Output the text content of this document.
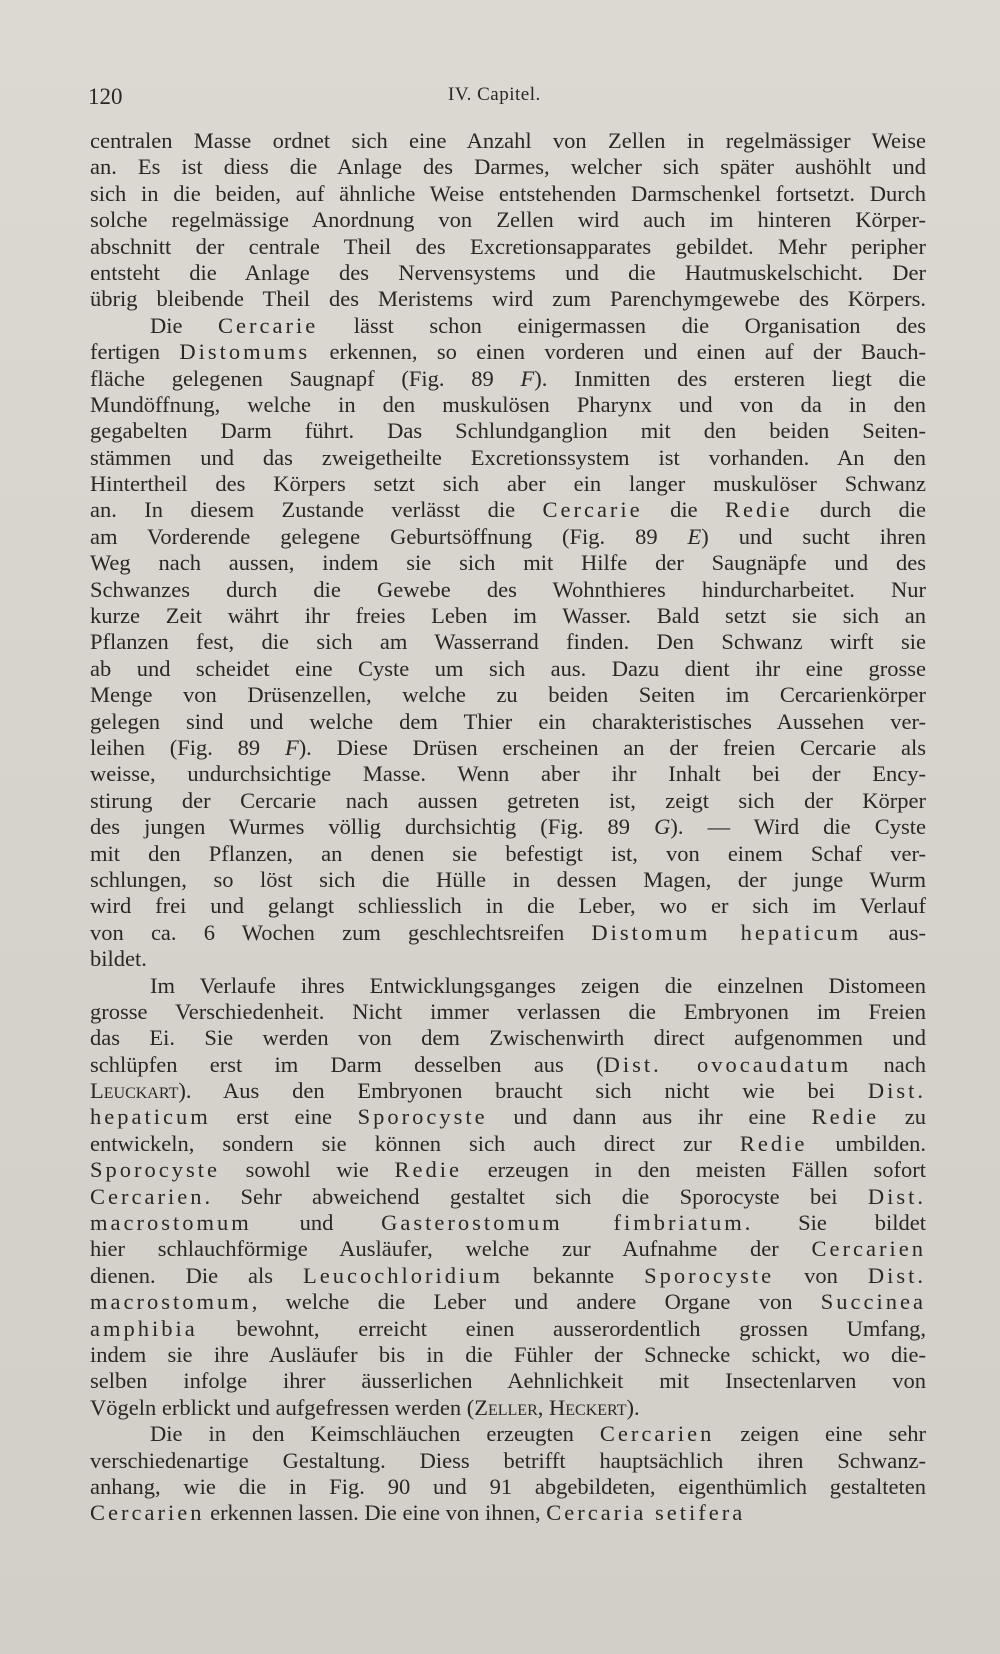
120	IV. Capitel.
centralen Masse ordnet sich eine Anzahl von Zellen in regelmässiger Weise
an. Es ist diess die Anlage des Darmes, welcher sich später aushöhlt und
sich in die beiden, auf ähnliche Weise entstehenden Darmschenkel fortsetzt. Durch
solche regelmässige Anordnung von Zellen wird auch im hinteren Körper-
abschnitt der centrale Theil des Excretionsapparates gebildet. Mehr peripher
entsteht die Anlage des Nervensystems und die Hautmuskelschicht. Der
übrig bleibende Theil des Meristems wird zum Parenchymgewebe des Körpers.
Die Cercarie lässt schon einigermassen die Organisation des
fertigen Distomums erkennen, so einen vorderen und einen auf der Bauch-
fläche gelegenen Saugnapf (Fig. 89 F). Inmitten des ersteren liegt die
Mundöffnung, welche in den muskulösen Pharynx und von da in den
gegabelten Darm führt. Das Schlundganglion mit den beiden Seiten-
stämmen und das zweigetheilte Excretionssystem ist vorhanden. An den
Hintertheil des Körpers setzt sich aber ein langer muskulöser Schwanz
an. In diesem Zustande verlässt die Cercarie die Redie durch die
am Vorderende gelegene Geburtsöffnung (Fig. 89 E) und sucht ihren
Weg nach aussen, indem sie sich mit Hilfe der Saugnäpfe und des
Schwanzes durch die Gewebe des Wohnthieres hindurcharbeitet. Nur
kurze Zeit währt ihr freies Leben im Wasser. Bald setzt sie sich an
Pflanzen fest, die sich am Wasserrand finden. Den Schwanz wirft sie
ab und scheidet eine Cyste um sich aus. Dazu dient ihr eine grosse
Menge von Drüsenzellen, welche zu beiden Seiten im Cercarienkörper
gelegen sind und welche dem Thier ein charakteristisches Aussehen ver-
leihen (Fig. 89 F). Diese Drüsen erscheinen an der freien Cercarie als
weisse, undurchsichtige Masse. Wenn aber ihr Inhalt bei der Ency-
stirung der Cercarie nach aussen getreten ist, zeigt sich der Körper
des jungen Wurmes völlig durchsichtig (Fig. 89 G). — Wird die Cyste
mit den Pflanzen, an denen sie befestigt ist, von einem Schaf ver-
schlungen, so löst sich die Hülle in dessen Magen, der junge Wurm
wird frei und gelangt schliesslich in die Leber, wo er sich im Verlauf
von ca. 6 Wochen zum geschlechtsreifen Distomum hepaticum aus-
bildet.
Im Verlaufe ihres Entwicklungsganges zeigen die einzelnen Distomeen
grosse Verschiedenheit. Nicht immer verlassen die Embryonen im Freien
das Ei. Sie werden von dem Zwischenwirth direct aufgenommen und
schlüpfen erst im Darm desselben aus (Dist. ovocaudatum nach
Leuckart). Aus den Embryonen braucht sich nicht wie bei Dist.
hepaticum erst eine Sporocyste und dann aus ihr eine Redie zu
entwickeln, sondern sie können sich auch direct zur Redie umbilden.
Sporocyste sowohl wie Redie erzeugen in den meisten Fällen sofort
Cercarien. Sehr abweichend gestaltet sich die Sporocyste bei Dist.
macrostomum und Gasterostomum fimbriatum. Sie bildet
hier schlauchförmige Ausläufer, welche zur Aufnahme der Cercarien
dienen. Die als Leucochloridium bekannte Sporocyste von Dist.
macrostomum, welche die Leber und andere Organe von Succinea
amphibia bewohnt, erreicht einen ausserordentlich grossen Umfang,
indem sie ihre Ausläufer bis in die Fühler der Schnecke schickt, wo die-
selben infolge ihrer äusserlichen Aehnlichkeit mit Insectenlarven von
Vögeln erblickt und aufgefressen werden (Zeller, Heckert).
Die in den Keimschläuchen erzeugten Cercarien zeigen eine sehr
verschiedenartige Gestaltung. Diess betrifft hauptsächlich ihren Schwanz-
anhang, wie die in Fig. 90 und 91 abgebildeten, eigenthümlich gestalteten
Cercarien erkennen lassen. Die eine von ihnen, Cercaria setifera
